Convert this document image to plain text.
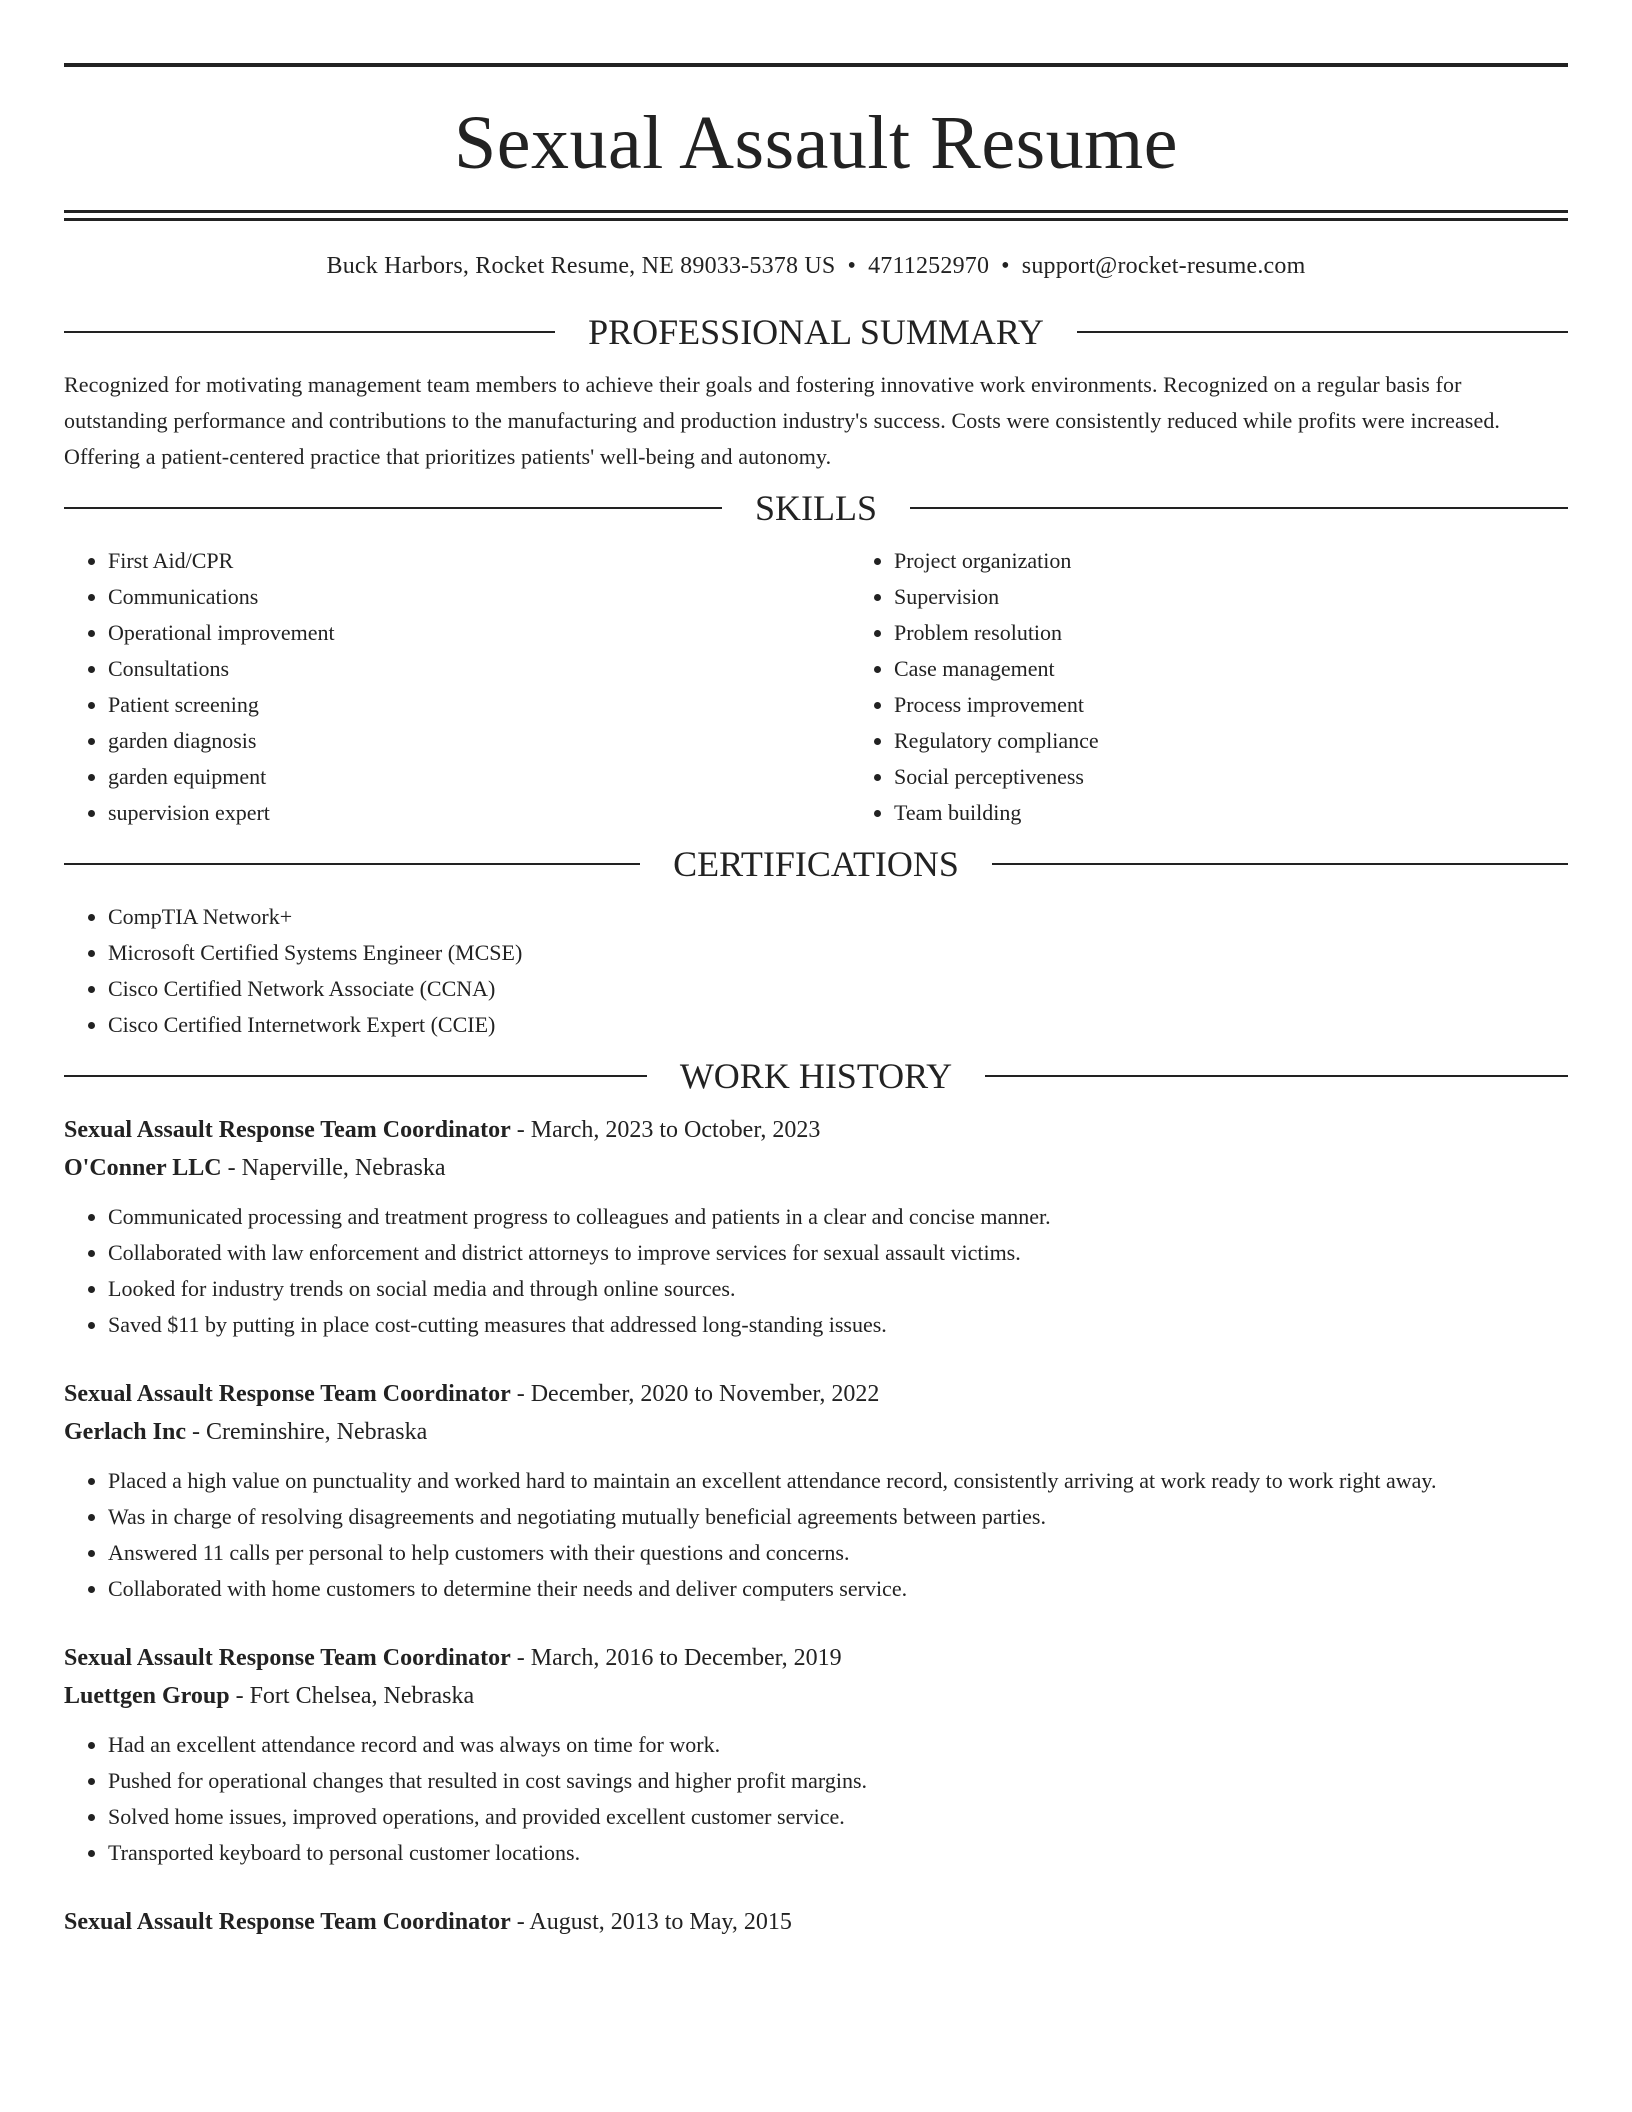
Sexual Assault Resume
Buck Harbors, Rocket Resume, NE 89033-5378 US • 4711252970 • support@rocket-resume.com
PROFESSIONAL SUMMARY

Recognized for motivating management team members to achieve their goals and fostering innovative work environments. Recognized on a regular basis for outstanding performance and contributions to the manufacturing and production industry's success. Costs were consistently reduced while profits were increased. Offering a patient-centered practice that prioritizes patients' well-being and autonomy.

SKILLS
• First Aid/CPR
• Communications
• Operational improvement
• Consultations
• Patient screening
• garden diagnosis
• garden equipment
• supervision expert
• Project organization
• Supervision
• Problem resolution
• Case management
• Process improvement
• Regulatory compliance
• Social perceptiveness
• Team building
CERTIFICATIONS
• CompTIA Network+
• Microsoft Certified Systems Engineer (MCSE)
• Cisco Certified Network Associate (CCNA)
• Cisco Certified Internetwork Expert (CCIE)
WORK HISTORY
Sexual Assault Response Team Coordinator - March, 2023 to October, 2023
O'Conner LLC - Naperville, Nebraska
• Communicated processing and treatment progress to colleagues and patients in a clear and concise manner.
• Collaborated with law enforcement and district attorneys to improve services for sexual assault victims.
• Looked for industry trends on social media and through online sources.
• Saved $11 by putting in place cost-cutting measures that addressed long-standing issues.
Sexual Assault Response Team Coordinator - December, 2020 to November, 2022
Gerlach Inc - Creminshire, Nebraska
• Placed a high value on punctuality and worked hard to maintain an excellent attendance record, consistently arriving at work ready to work right away.
• Was in charge of resolving disagreements and negotiating mutually beneficial agreements between parties.
• Answered 11 calls per personal to help customers with their questions and concerns.
• Collaborated with home customers to determine their needs and deliver computers service.
Sexual Assault Response Team Coordinator - March, 2016 to December, 2019
Luettgen Group - Fort Chelsea, Nebraska
• Had an excellent attendance record and was always on time for work.
• Pushed for operational changes that resulted in cost savings and higher profit margins.
• Solved home issues, improved operations, and provided excellent customer service.
• Transported keyboard to personal customer locations.
Sexual Assault Response Team Coordinator - August, 2013 to May, 2015
